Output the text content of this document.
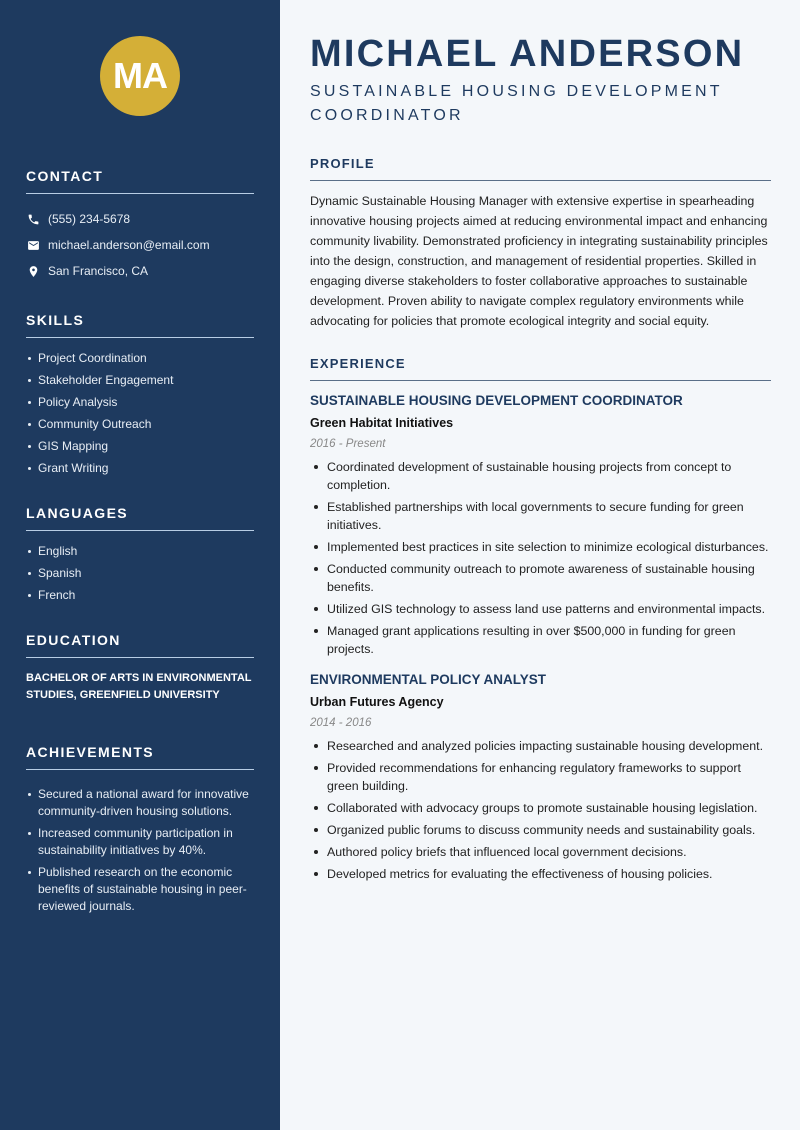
MA
CONTACT
(555) 234-5678
michael.anderson@email.com
San Francisco, CA
SKILLS
Project Coordination
Stakeholder Engagement
Policy Analysis
Community Outreach
GIS Mapping
Grant Writing
LANGUAGES
English
Spanish
French
EDUCATION

BACHELOR OF ARTS IN ENVIRONMENTAL STUDIES, GREENFIELD UNIVERSITY

ACHIEVEMENTS
Secured a national award for innovative community-driven housing solutions.
Increased community participation in sustainability initiatives by 40%.
Published research on the economic benefits of sustainable housing in peer-reviewed journals.
MICHAEL ANDERSON
SUSTAINABLE HOUSING DEVELOPMENT COORDINATOR
PROFILE

Dynamic Sustainable Housing Manager with extensive expertise in spearheading innovative housing projects aimed at reducing environmental impact and enhancing community livability. Demonstrated proficiency in integrating sustainability principles into the design, construction, and management of residential properties. Skilled in engaging diverse stakeholders to foster collaborative approaches to sustainable development. Proven ability to navigate complex regulatory environments while advocating for policies that promote ecological integrity and social equity.

EXPERIENCE
SUSTAINABLE HOUSING DEVELOPMENT COORDINATOR
Green Habitat Initiatives
2016 - Present
Coordinated development of sustainable housing projects from concept to completion.
Established partnerships with local governments to secure funding for green initiatives.
Implemented best practices in site selection to minimize ecological disturbances.
Conducted community outreach to promote awareness of sustainable housing benefits.
Utilized GIS technology to assess land use patterns and environmental impacts.
Managed grant applications resulting in over $500,000 in funding for green projects.
ENVIRONMENTAL POLICY ANALYST
Urban Futures Agency
2014 - 2016
Researched and analyzed policies impacting sustainable housing development.
Provided recommendations for enhancing regulatory frameworks to support green building.
Collaborated with advocacy groups to promote sustainable housing legislation.
Organized public forums to discuss community needs and sustainability goals.
Authored policy briefs that influenced local government decisions.
Developed metrics for evaluating the effectiveness of housing policies.
